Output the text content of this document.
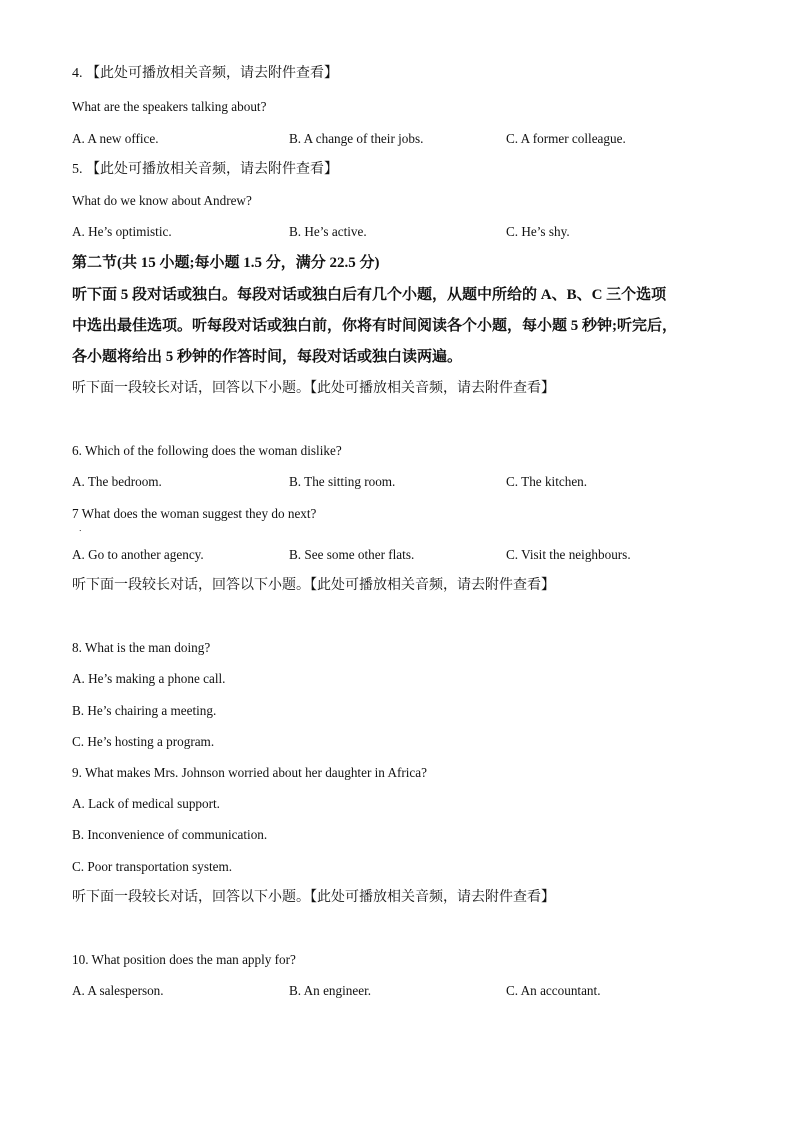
4. 【此处可播放相关音频，请去附件查看】
What are the speakers talking about?
A. A new office.	B. A change of their jobs.	C. A former colleague.
5. 【此处可播放相关音频，请去附件查看】
What do we know about Andrew?
A. He’s optimistic.	B. He’s active.	C. He’s shy.
第二节(共 15 小题;每小题 1.5 分，满分 22.5 分)
听下面 5 段对话或独白。每段对话或独白后有几个小题，从题中所给的 A、B、C 三个选项
中选出最佳选项。听每段对话或独白前，你将有时间阅读各个小题，每小题 5 秒钟;听完后，
各小题将给出 5 秒钟的作答时间，每段对话或独白读两遍。
听下面一段较长对话，回答以下小题。【此处可播放相关音频，请去附件查看】
6. Which of the following does the woman dislike?
A. The bedroom.	B. The sitting room.	C. The kitchen.
7 What does the woman suggest they do next?
．
A. Go to another agency.	B. See some other flats.	C. Visit the neighbours.
听下面一段较长对话，回答以下小题。【此处可播放相关音频，请去附件查看】
8. What is the man doing?
A. He’s making a phone call.
B. He’s chairing a meeting.
C. He’s hosting a program.
9. What makes Mrs. Johnson worried about her daughter in Africa?
A. Lack of medical support.
B. Inconvenience of communication.
C. Poor transportation system.
听下面一段较长对话，回答以下小题。【此处可播放相关音频，请去附件查看】
10. What position does the man apply for?
A. A salesperson.	B. An engineer.	C. An accountant.
